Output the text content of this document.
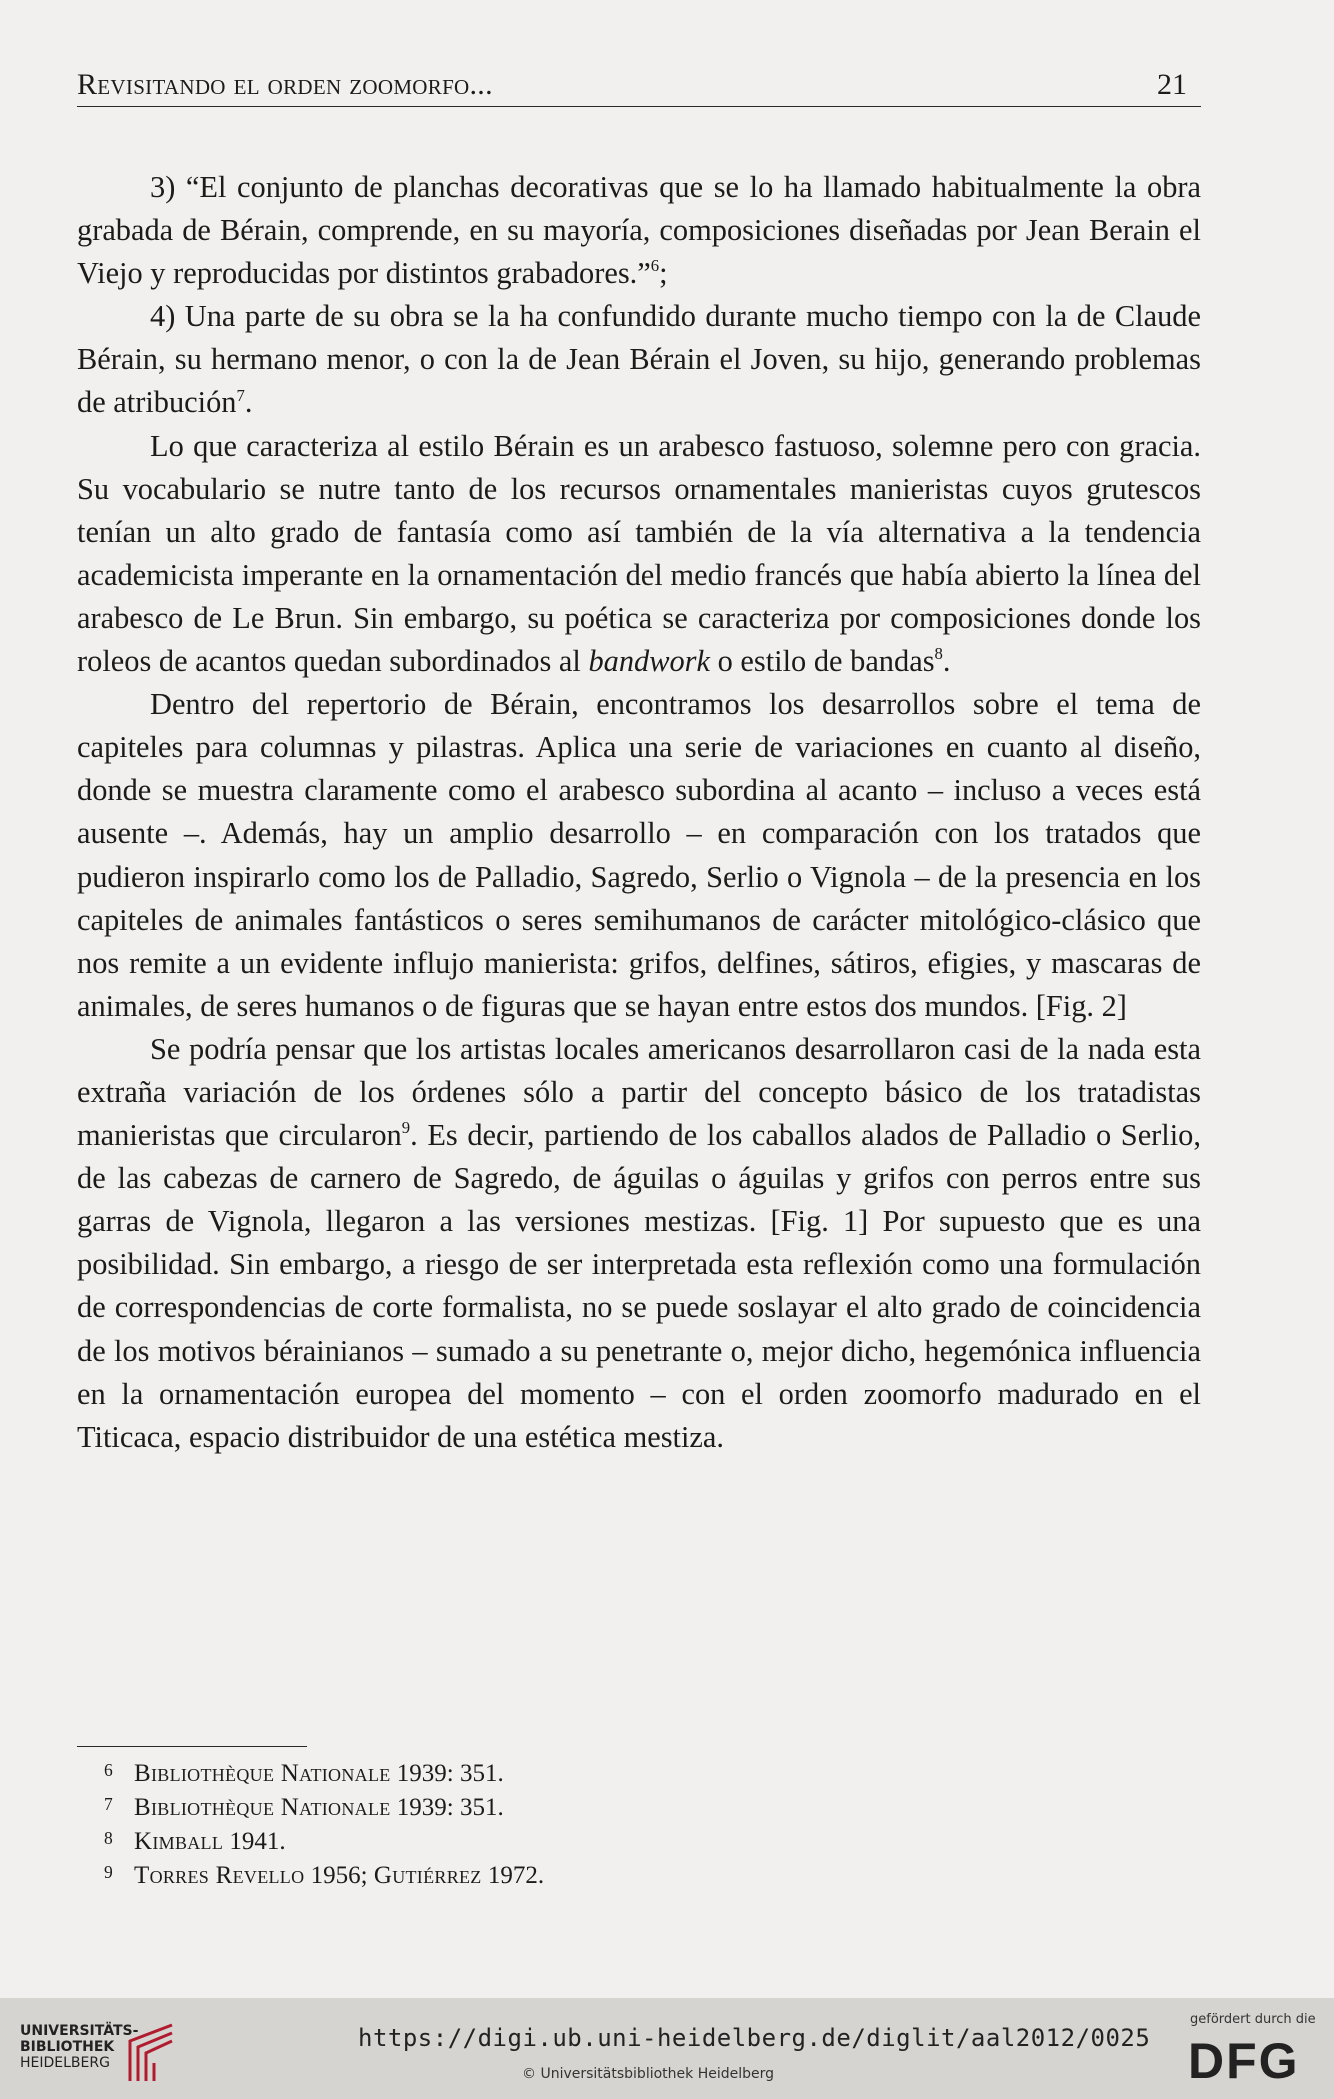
Revisitando el orden zoomorfo...	21

3) “El conjunto de planchas decorativas que se lo ha llamado habitualmente la obra grabada de Bérain, comprende, en su mayoría, composiciones diseñadas por Jean Berain el Viejo y reproducidas por distintos grabadores.”$^6$;

4) Una parte de su obra se la ha confundido durante mucho tiempo con la de Claude Bérain, su hermano menor, o con la de Jean Bérain el Joven, su hijo, generando problemas de atribución$^7$.

Lo que caracteriza al estilo Bérain es un arabesco fastuoso, solemne pero con gracia. Su vocabulario se nutre tanto de los recursos ornamentales manieristas cuyos grutescos tenían un alto grado de fantasía como así también de la vía alternativa a la tendencia academicista imperante en la ornamentación del medio francés que había abierto la línea del arabesco de Le Brun. Sin embargo, su poética se caracteriza por composiciones donde los roleos de acantos quedan subordinados al bandwork o estilo de bandas$^8$.

Dentro del repertorio de Bérain, encontramos los desarrollos sobre el tema de capiteles para columnas y pilastras. Aplica una serie de variaciones en cuanto al diseño, donde se muestra claramente como el arabesco subordina al acanto – incluso a veces está ausente –. Además, hay un amplio desarrollo – en comparación con los tratados que pudieron inspirarlo como los de Palladio, Sagredo, Serlio o Vignola – de la presencia en los capiteles de animales fantásticos o seres semihumanos de carácter mitológico-clásico que nos remite a un evidente influjo manierista: grifos, delfines, sátiros, efigies, y mascaras de animales, de seres humanos o de figuras que se hayan entre estos dos mundos. [Fig. 2]

Se podría pensar que los artistas locales americanos desarrollaron casi de la nada esta extraña variación de los órdenes sólo a partir del concepto básico de los tratadistas manieristas que circularon$^9$. Es decir, partiendo de los caballos alados de Palladio o Serlio, de las cabezas de carnero de Sagredo, de águilas o águilas y grifos con perros entre sus garras de Vignola, llegaron a las versiones mestizas. [Fig. 1] Por supuesto que es una posibilidad. Sin embargo, a riesgo de ser interpretada esta reflexión como una formulación de correspondencias de corte formalista, no se puede soslayar el alto grado de coincidencia de los motivos bérainianos – sumado a su penetrante o, mejor dicho, hegemónica influencia en la ornamentación europea del momento – con el orden zoomorfo madurado en el Titicaca, espacio distribuidor de una estética mestiza.

6 Bibliothèque Nationale 1939: 351.
7 Bibliothèque Nationale 1939: 351.
8 Kimball 1941.
9 Torres Revello 1956; Gutiérrez 1972.
UNIVERSITÄTS-
BIBLIOTHEK
HEIDELBERG
https://digi.ub.uni-heidelberg.de/diglit/aal2012/0025
© Universitätsbibliothek Heidelberg
gefördert durch die
DFG
